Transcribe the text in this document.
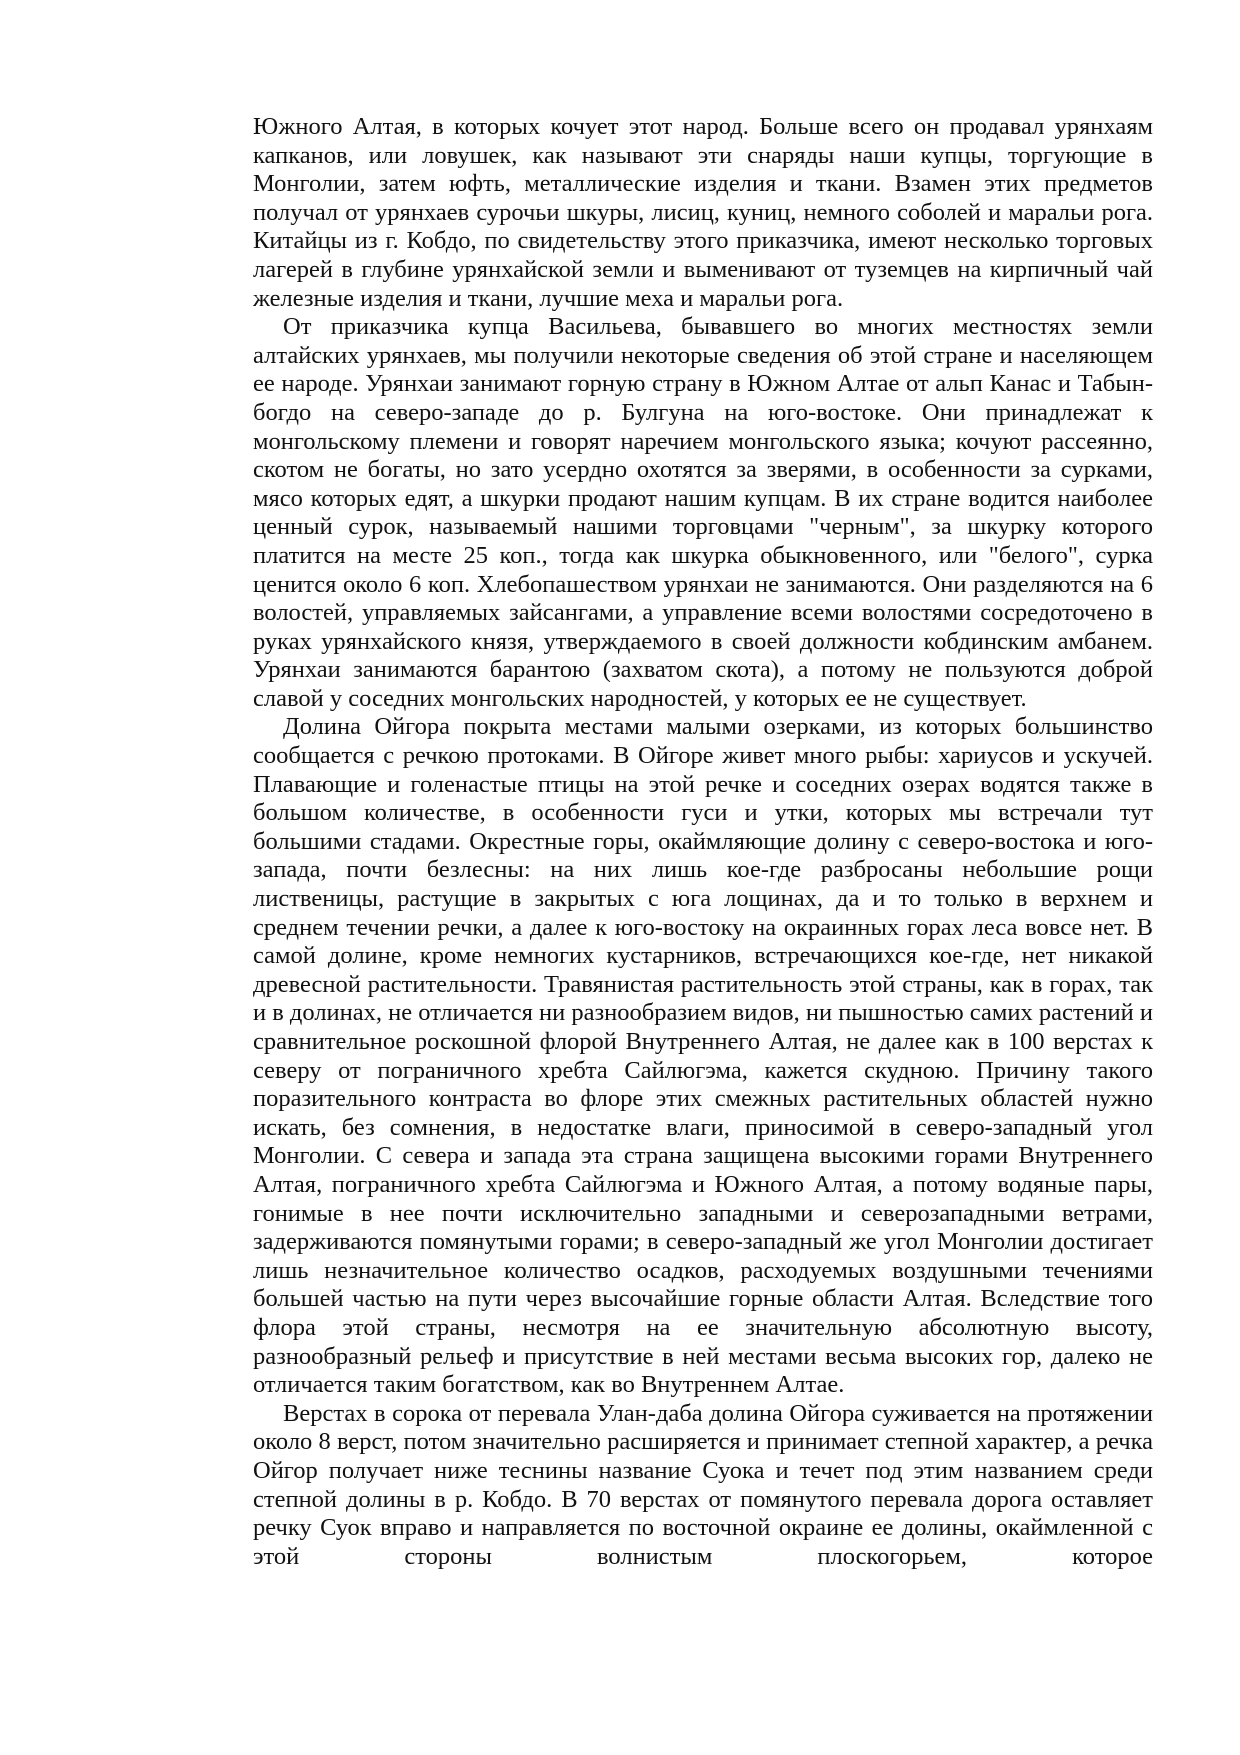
Южного Алтая, в которых кочует этот народ. Больше всего он продавал урянхаям капканов, или ловушек, как называют эти снаряды наши купцы, торгующие в Монголии, затем юфть, металлические изделия и ткани. Взамен этих предметов получал от урянхаев сурочьи шкуры, лисиц, куниц, немного соболей и маральи рога. Китайцы из г. Кобдо, по свидетельству этого приказчика, имеют несколько торговых лагерей в глубине урянхайской земли и выменивают от туземцев на кирпичный чай железные изделия и ткани, лучшие меха и маральи рога.

От приказчика купца Васильева, бывавшего во многих местностях земли алтайских урянхаев, мы получили некоторые сведения об этой стране и населяющем ее народе. Урянхаи занимают горную страну в Южном Алтае от альп Канас и Табын-богдо на северо-западе до р. Булгуна на юго-востоке. Они принадлежат к монгольскому племени и говорят наречием монгольского языка; кочуют рассеянно, скотом не богаты, но зато усердно охотятся за зверями, в особенности за сурками, мясо которых едят, а шкурки продают нашим купцам. В их стране водится наиболее ценный сурок, называемый нашими торговцами "черным", за шкурку которого платится на месте 25 коп., тогда как шкурка обыкновенного, или "белого", сурка ценится около 6 коп. Хлебопашеством урянхаи не занимаются. Они разделяются на 6 волостей, управляемых зайсангами, а управление всеми волостями сосредоточено в руках урянхайского князя, утверждаемого в своей должности кобдинским амбанем. Урянхаи занимаются барантою (захватом скота), а потому не пользуются доброй славой у соседних монгольских народностей, у которых ее не существует.

Долина Ойгора покрыта местами малыми озерками, из которых большинство сообщается с речкою протоками. В Ойгоре живет много рыбы: хариусов и ускучей. Плавающие и голенастые птицы на этой речке и соседних озерах водятся также в большом количестве, в особенности гуси и утки, которых мы встречали тут большими стадами. Окрестные горы, окаймляющие долину с северо-востока и юго-запада, почти безлесны: на них лишь кое-где разбросаны небольшие рощи лиственицы, растущие в закрытых с юга лощинах, да и то только в верхнем и среднем течении речки, а далее к юго-востоку на окраинных горах леса вовсе нет. В самой долине, кроме немногих кустарников, встречающихся кое-где, нет никакой древесной растительности. Травянистая растительность этой страны, как в горах, так и в долинах, не отличается ни разнообразием видов, ни пышностью самих растений и сравнительное роскошной флорой Внутреннего Алтая, не далее как в 100 верстах к северу от пограничного хребта Сайлюгэма, кажется скудною. Причину такого поразительного контраста во флоре этих смежных растительных областей нужно искать, без сомнения, в недостатке влаги, приносимой в северо-западный угол Монголии. С севера и запада эта страна защищена высокими горами Внутреннего Алтая, пограничного хребта Сайлюгэма и Южного Алтая, а потому водяные пары, гонимые в нее почти исключительно западными и северозападными ветрами, задерживаются помянутыми горами; в северо-западный же угол Монголии достигает лишь незначительное количество осадков, расходуемых воздушными течениями большей частью на пути через высочайшие горные области Алтая. Вследствие того флора этой страны, несмотря на ее значительную абсолютную высоту, разнообразный рельеф и присутствие в ней местами весьма высоких гор, далеко не отличается таким богатством, как во Внутреннем Алтае.

Верстах в сорока от перевала Улан-даба долина Ойгора суживается на протяжении около 8 верст, потом значительно расширяется и принимает степной характер, а речка Ойгор получает ниже теснины название Суока и течет под этим названием среди степной долины в р. Кобдо. В 70 верстах от помянутого перевала дорога оставляет речку Суок вправо и направляется по восточной окраине ее долины, окаймленной с этой стороны волнистым плоскогорьем, которое
